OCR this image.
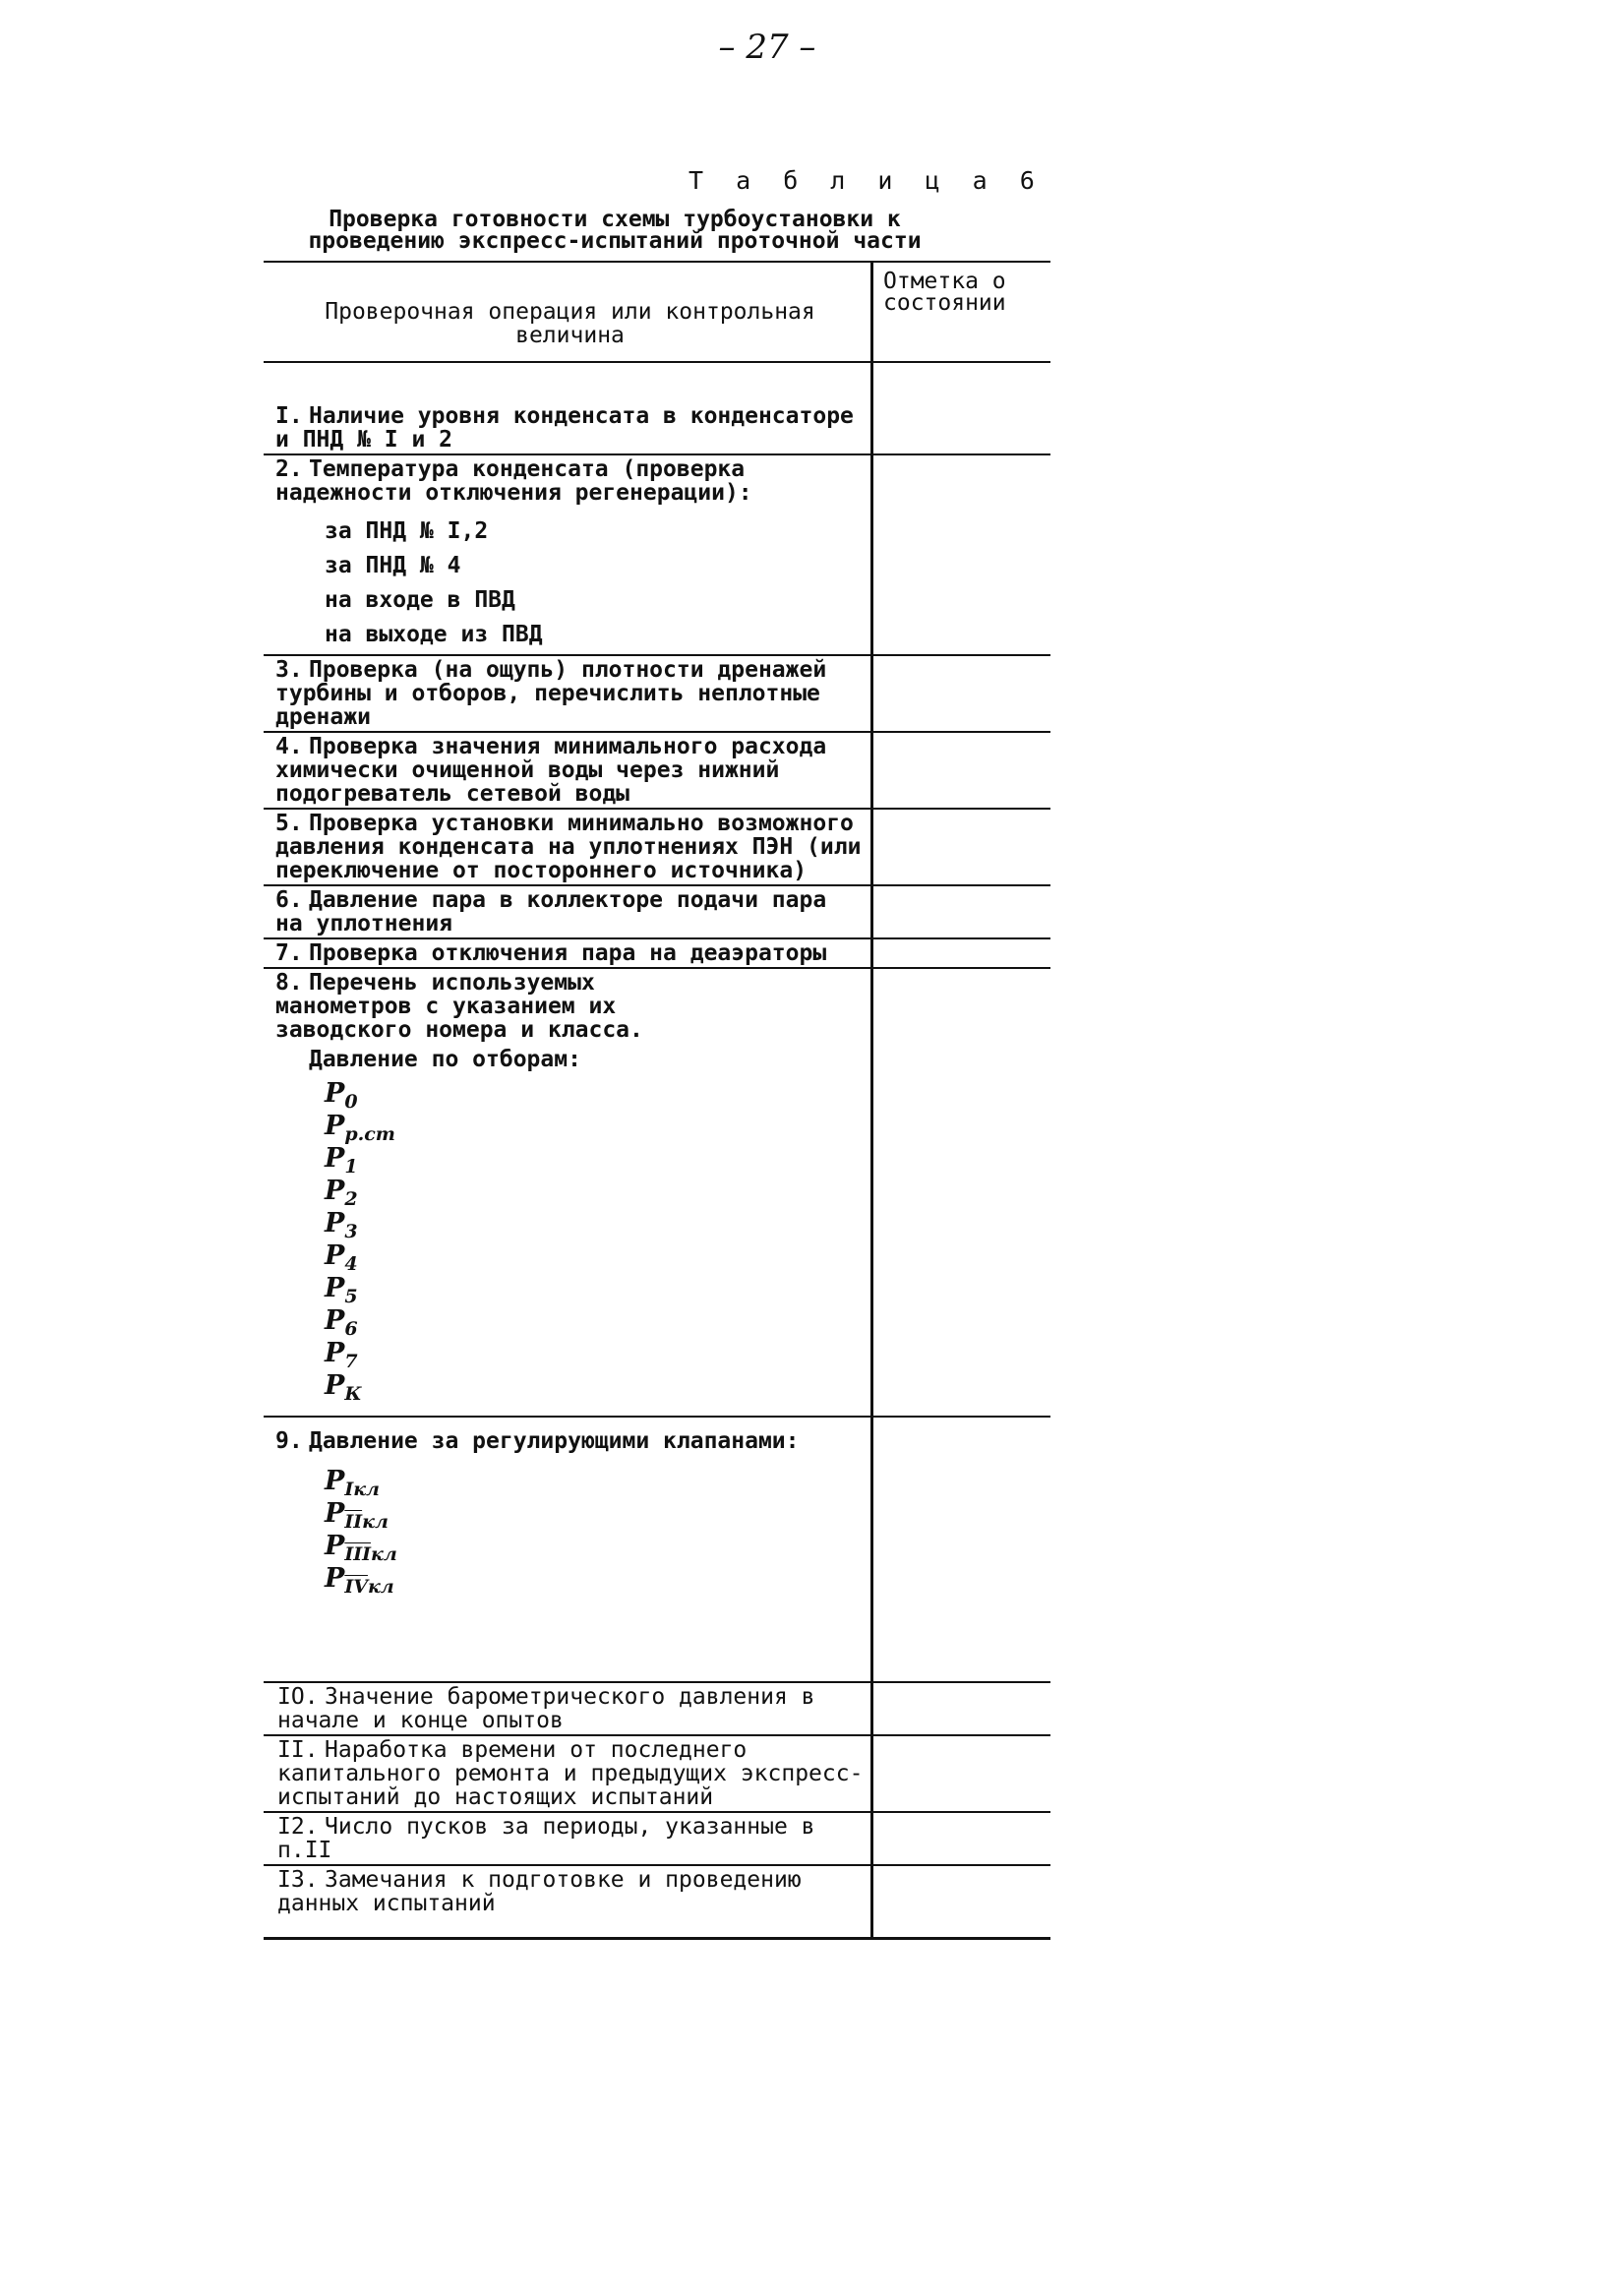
– 27 –
Т а б л и ц а 6
Проверка готовности схемы турбоустановки к проведению экспресс-испытаний проточной части
Проверочная операция или контрольная величина
Отметка о состоянии
I. Наличие уровня конденсата в конденсаторе и ПНД № I и 2
2. Температура конденсата (проверка надежности отключения регенерации):
за ПНД № I,2
за ПНД № 4
на входе в ПВД
на выходе из ПВД
3. Проверка (на ощупь) плотности дренажей турбины и отборов, перечислить неплотные дренажи
4. Проверка значения минимального расхода химически очищенной воды через нижний подогреватель сетевой воды
5. Проверка установки минимально возможного давления конденсата на уплотнениях ПЭН (или переключение от постороннего источника)
6. Давление пара в коллекторе подачи пара на уплотнения
7. Проверка отключения пара на деаэраторы
8. Перечень используемых манометров с указанием их заводского номера и класса.
Давление по отборам:
$P_0$
$P_{р.ст}$
$P_1$
$P_2$
$P_3$
$P_4$
$P_5$
$P_6$
$P_7$
$P_К$
9. Давление за регулирующими клапанами:
$P_{Iкл}$
$P_{\overline{II}кл}$
$P_{\overline{III}кл}$
$P_{\overline{IV}кл}$
IO. Значение барометрического давления в начале и конце опытов
II. Наработка времени от последнего капитального ремонта и предыдущих экспресс-испытаний до настоящих испытаний
I2. Число пусков за периоды, указанные в п.II
I3. Замечания к подготовке и проведению данных испытаний
